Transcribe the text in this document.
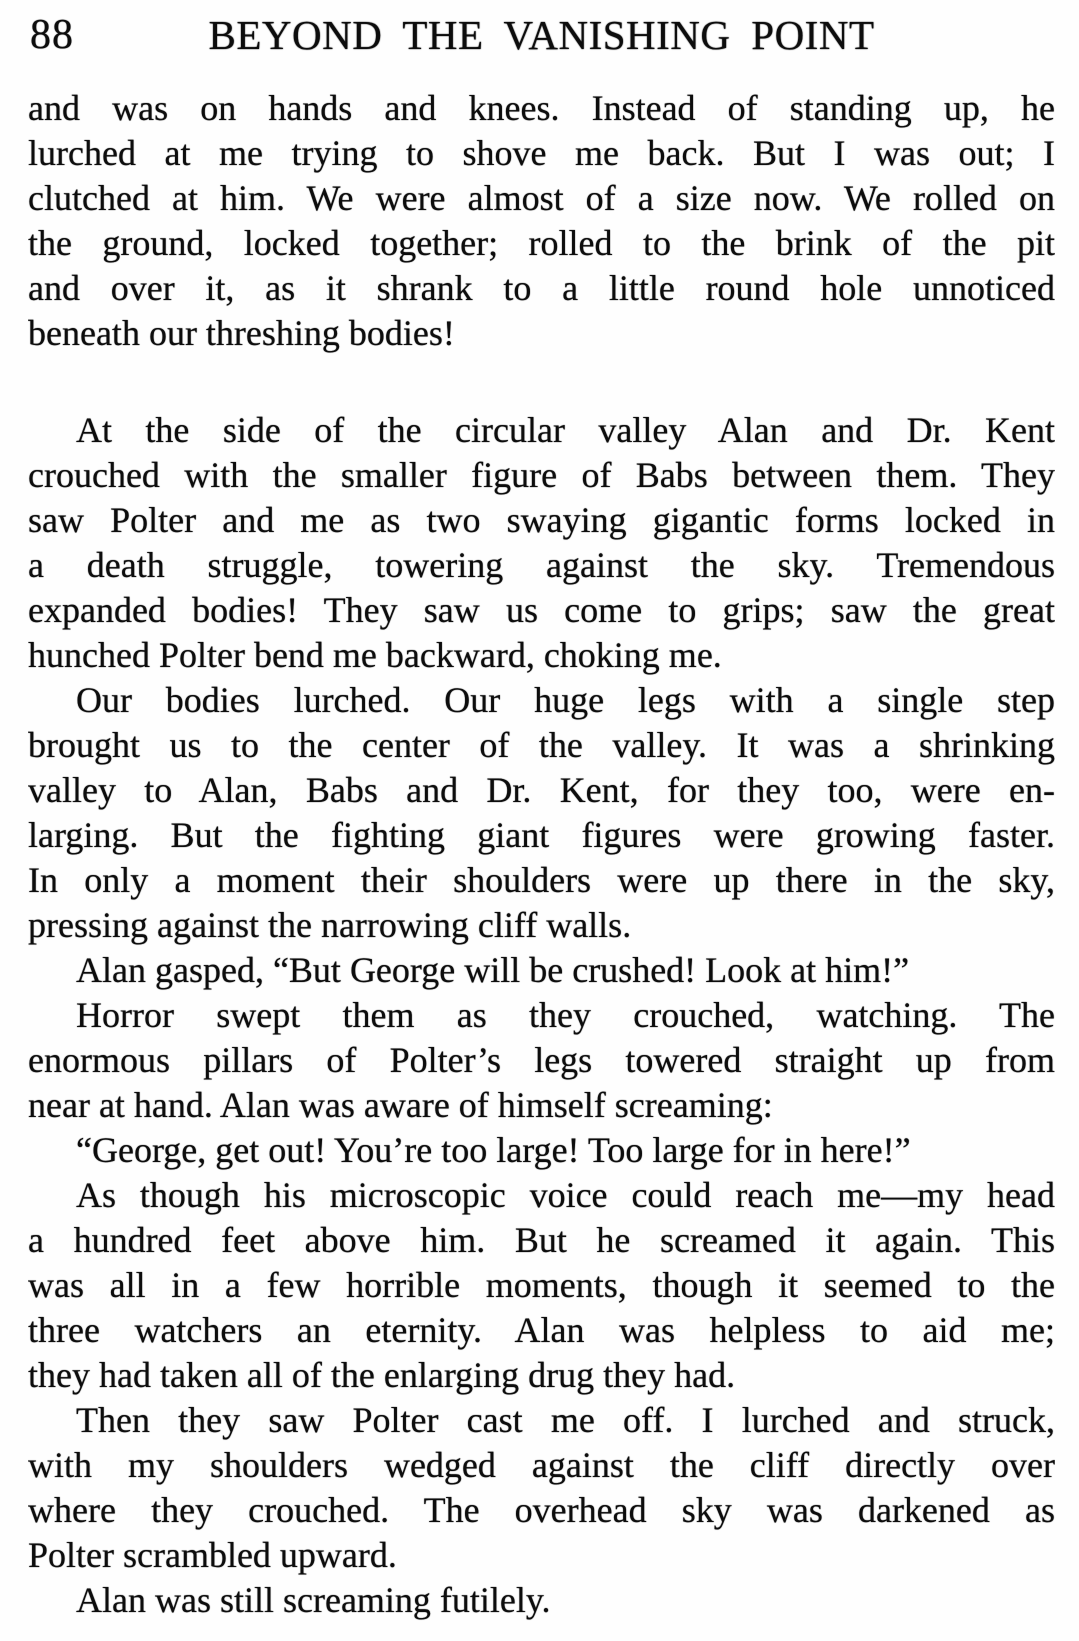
88	BEYOND THE VANISHING POINT
and was on hands and knees. Instead of standing up, he
lurched at me trying to shove me back. But I was out; I
clutched at him. We were almost of a size now. We rolled on
the ground, locked together; rolled to the brink of the pit
and over it, as it shrank to a little round hole unnoticed
beneath our threshing bodies!
At the side of the circular valley Alan and Dr. Kent
crouched with the smaller figure of Babs between them. They
saw Polter and me as two swaying gigantic forms locked in
a death struggle, towering against the sky. Tremendous
expanded bodies! They saw us come to grips; saw the great
hunched Polter bend me backward, choking me.
Our bodies lurched. Our huge legs with a single step
brought us to the center of the valley. It was a shrinking
valley to Alan, Babs and Dr. Kent, for they too, were en-
larging. But the fighting giant figures were growing faster.
In only a moment their shoulders were up there in the sky,
pressing against the narrowing cliff walls.
Alan gasped, “But George will be crushed! Look at him!”
Horror swept them as they crouched, watching. The
enormous pillars of Polter’s legs towered straight up from
near at hand. Alan was aware of himself screaming:
“George, get out! You’re too large! Too large for in here!”
As though his microscopic voice could reach me—my head
a hundred feet above him. But he screamed it again. This
was all in a few horrible moments, though it seemed to the
three watchers an eternity. Alan was helpless to aid me;
they had taken all of the enlarging drug they had.
Then they saw Polter cast me off. I lurched and struck,
with my shoulders wedged against the cliff directly over
where they crouched. The overhead sky was darkened as
Polter scrambled upward.
Alan was still screaming futilely.
